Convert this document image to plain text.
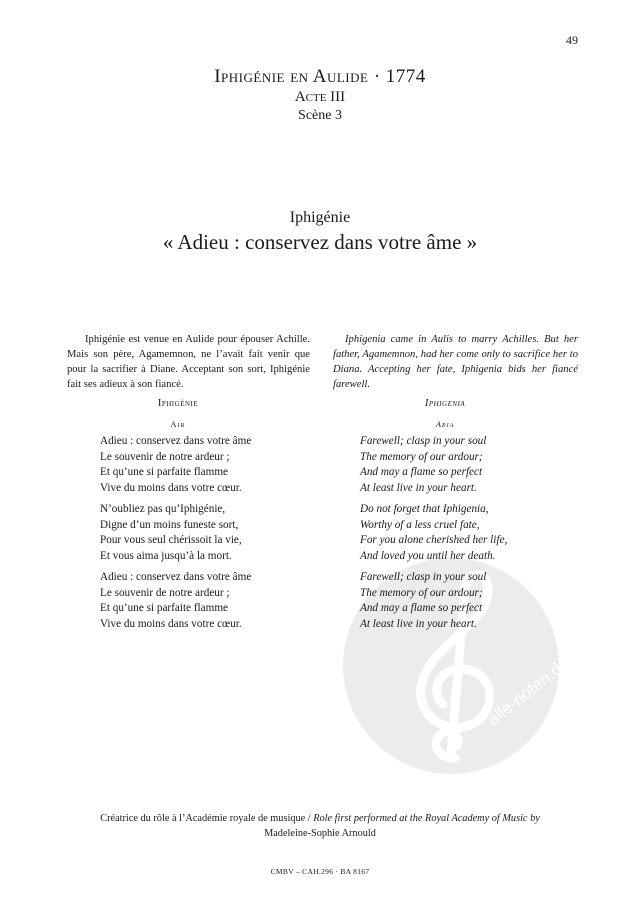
49
Iphigénie en Aulide · 1774
Acte III
Scène 3
Iphigénie
« Adieu : conservez dans votre âme »
Iphigénie est venue en Aulide pour épouser Achille. Mais son père, Agamemnon, ne l’avait fait venir que pour la sacrifier à Diane. Acceptant son sort, Iphigénie fait ses adieux à son fiancé.
Iphigenia came in Aulis to marry Achilles. But her father, Agamemnon, had her come only to sacrifice her to Diana. Accepting her fate, Iphigenia bids her fiancé farewell.
alle-noten.de
Iphigénie
Air
Iphigenia
Aria
Adieu : conservez dans votre âme
Le souvenir de notre ardeur ;
Et qu’une si parfaite flamme
Vive du moins dans votre cœur.
N’oubliez pas qu’Iphigénie,
Digne d’un moins funeste sort,
Pour vous seul chérissoit la vie,
Et vous aima jusqu’à la mort.
Adieu : conservez dans votre âme
Le souvenir de notre ardeur ;
Et qu’une si parfaite flamme
Vive du moins dans votre cœur.
Farewell; clasp in your soul
The memory of our ardour;
And may a flame so perfect
At least live in your heart.
Do not forget that Iphigenia,
Worthy of a less cruel fate,
For you alone cherished her life,
And loved you until her death.
Farewell; clasp in your soul
The memory of our ardour;
And may a flame so perfect
At least live in your heart.
Créatrice du rôle à l’Académie royale de musique / Role first performed at the Royal Academy of Music by
Madeleine-Sophie Arnould
CMBV – CAH.296 · BA 8167
